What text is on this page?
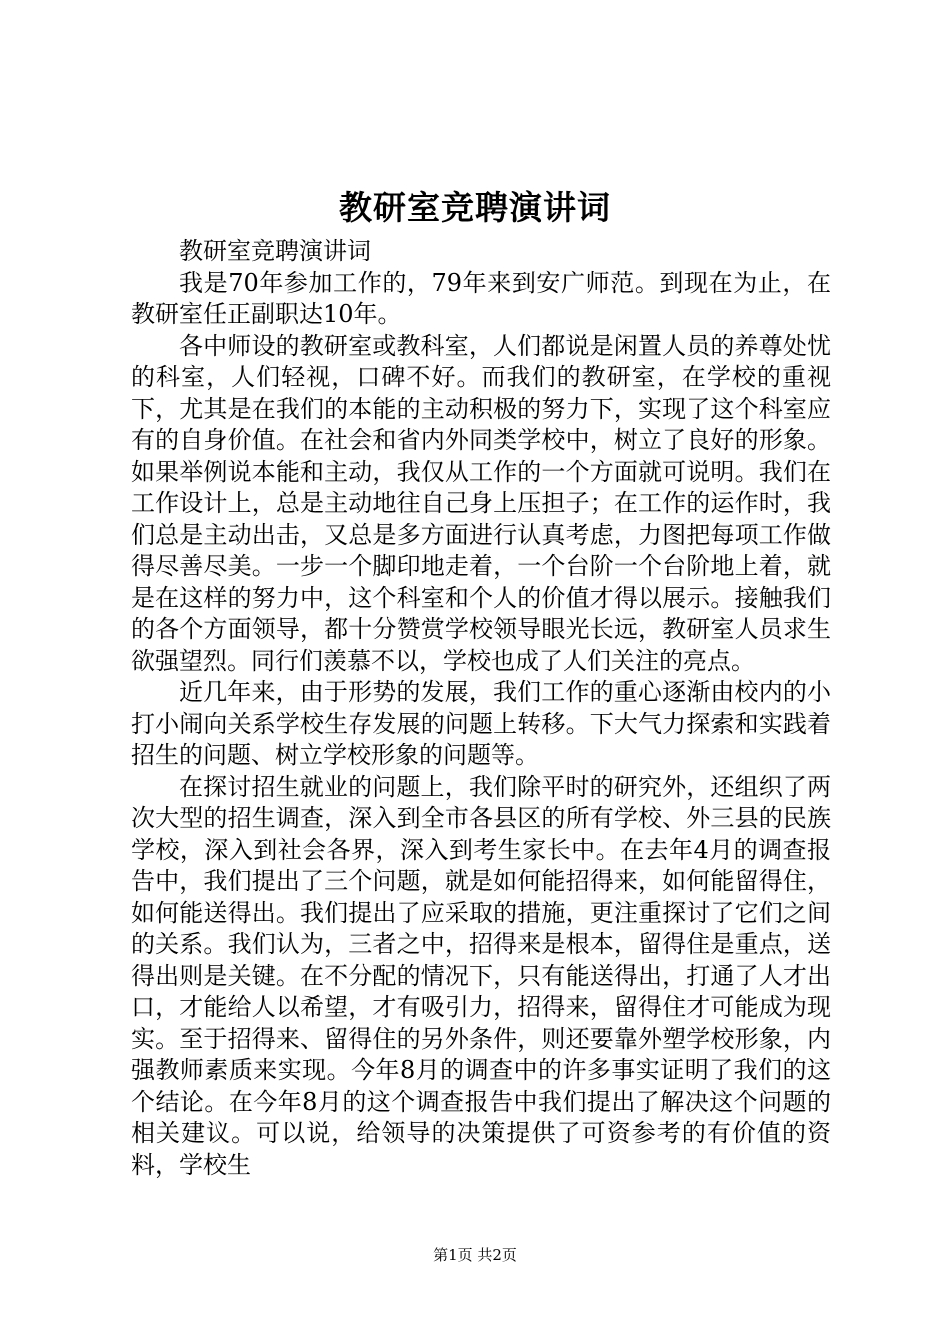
教研室竞聘演讲词

教研室竞聘演讲词

我是70年参加工作的，79年来到安广师范。到现在为止，在教研室任正副职达10年。

各中师设的教研室或教科室，人们都说是闲置人员的养尊处忧的科室，人们轻视，口碑不好。而我们的教研室，在学校的重视下，尤其是在我们的本能的主动积极的努力下，实现了这个科室应有的自身价值。在社会和省内外同类学校中，树立了良好的形象。如果举例说本能和主动，我仅从工作的一个方面就可说明。我们在工作设计上，总是主动地往自己身上压担子；在工作的运作时，我们总是主动出击，又总是多方面进行认真考虑，力图把每项工作做得尽善尽美。一步一个脚印地走着，一个台阶一个台阶地上着，就是在这样的努力中，这个科室和个人的价值才得以展示。接触我们的各个方面领导，都十分赞赏学校领导眼光长远，教研室人员求生欲强望烈。同行们羡慕不以，学校也成了人们关注的亮点。

近几年来，由于形势的发展，我们工作的重心逐渐由校内的小打小闹向关系学校生存发展的问题上转移。下大气力探索和实践着招生的问题、树立学校形象的问题等。

在探讨招生就业的问题上，我们除平时的研究外，还组织了两次大型的招生调查，深入到全市各县区的所有学校、外三县的民族学校，深入到社会各界，深入到考生家长中。在去年4月的调查报告中，我们提出了三个问题，就是如何能招得来，如何能留得住，如何能送得出。我们提出了应采取的措施，更注重探讨了它们之间的关系。我们认为，三者之中，招得来是根本，留得住是重点，送得出则是关键。在不分配的情况下，只有能送得出，打通了人才出口，才能给人以希望，才有吸引力，招得来，留得住才可能成为现实。至于招得来、留得住的另外条件，则还要靠外塑学校形象，内强教师素质来实现。今年8月的调查中的许多事实证明了我们的这个结论。在今年8月的这个调查报告中我们提出了解决这个问题的相关建议。可以说，给领导的决策提供了可资参考的有价值的资料，学校生

第1页 共2页
